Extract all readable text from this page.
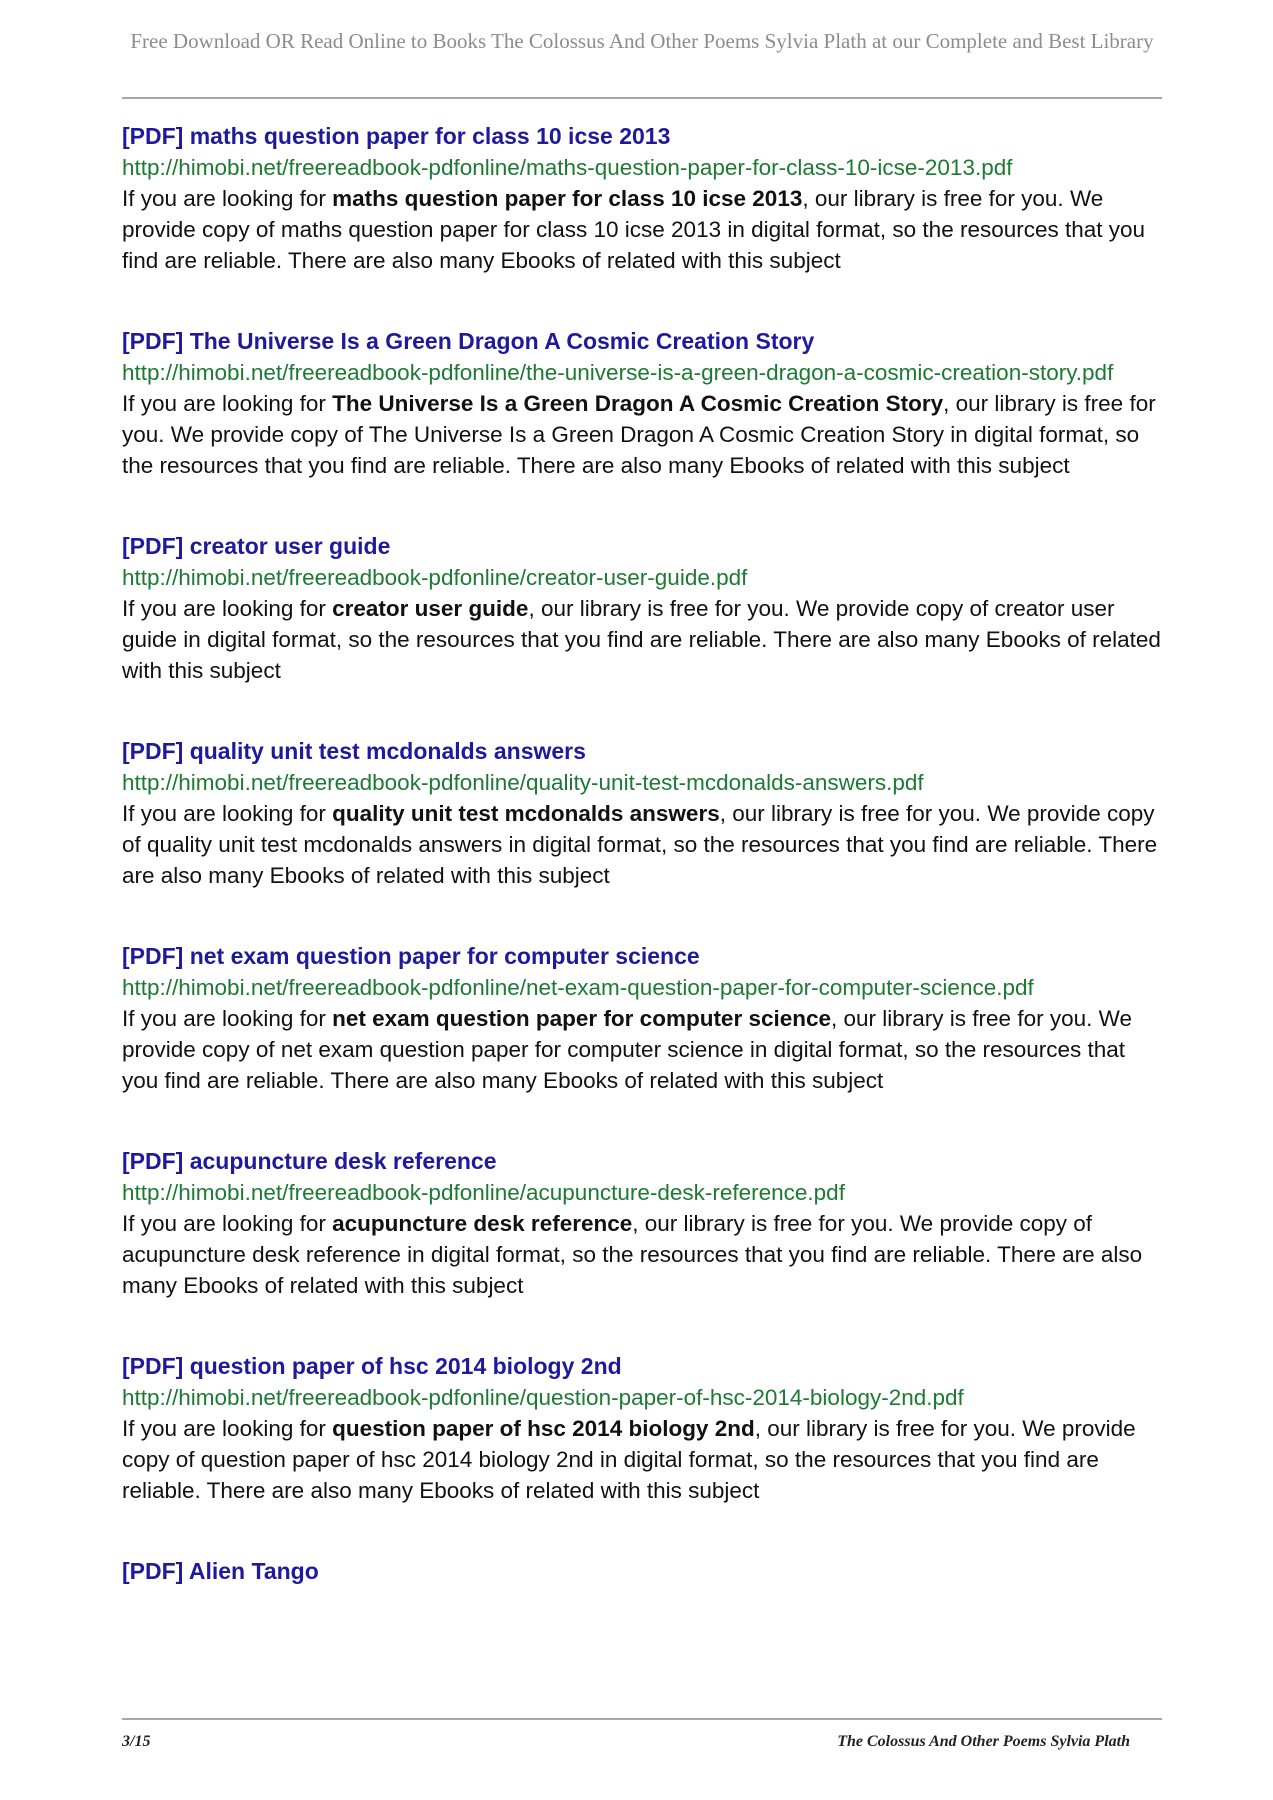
Free Download OR Read Online to Books The Colossus And Other Poems Sylvia Plath at our Complete and Best Library
[PDF] maths question paper for class 10 icse 2013
http://himobi.net/freereadbook-pdfonline/maths-question-paper-for-class-10-icse-2013.pdf
If you are looking for maths question paper for class 10 icse 2013, our library is free for you. We provide copy of maths question paper for class 10 icse 2013 in digital format, so the resources that you find are reliable. There are also many Ebooks of related with this subject
[PDF] The Universe Is a Green Dragon A Cosmic Creation Story
http://himobi.net/freereadbook-pdfonline/the-universe-is-a-green-dragon-a-cosmic-creation-story.pdf
If you are looking for The Universe Is a Green Dragon A Cosmic Creation Story, our library is free for you. We provide copy of The Universe Is a Green Dragon A Cosmic Creation Story in digital format, so the resources that you find are reliable. There are also many Ebooks of related with this subject
[PDF] creator user guide
http://himobi.net/freereadbook-pdfonline/creator-user-guide.pdf
If you are looking for creator user guide, our library is free for you. We provide copy of creator user guide in digital format, so the resources that you find are reliable. There are also many Ebooks of related with this subject
[PDF] quality unit test mcdonalds answers
http://himobi.net/freereadbook-pdfonline/quality-unit-test-mcdonalds-answers.pdf
If you are looking for quality unit test mcdonalds answers, our library is free for you. We provide copy of quality unit test mcdonalds answers in digital format, so the resources that you find are reliable. There are also many Ebooks of related with this subject
[PDF] net exam question paper for computer science
http://himobi.net/freereadbook-pdfonline/net-exam-question-paper-for-computer-science.pdf
If you are looking for net exam question paper for computer science, our library is free for you. We provide copy of net exam question paper for computer science in digital format, so the resources that you find are reliable. There are also many Ebooks of related with this subject
[PDF] acupuncture desk reference
http://himobi.net/freereadbook-pdfonline/acupuncture-desk-reference.pdf
If you are looking for acupuncture desk reference, our library is free for you. We provide copy of acupuncture desk reference in digital format, so the resources that you find are reliable. There are also many Ebooks of related with this subject
[PDF] question paper of hsc 2014 biology 2nd
http://himobi.net/freereadbook-pdfonline/question-paper-of-hsc-2014-biology-2nd.pdf
If you are looking for question paper of hsc 2014 biology 2nd, our library is free for you. We provide copy of question paper of hsc 2014 biology 2nd in digital format, so the resources that you find are reliable. There are also many Ebooks of related with this subject
[PDF] Alien Tango
3/15	The Colossus And Other Poems Sylvia Plath
